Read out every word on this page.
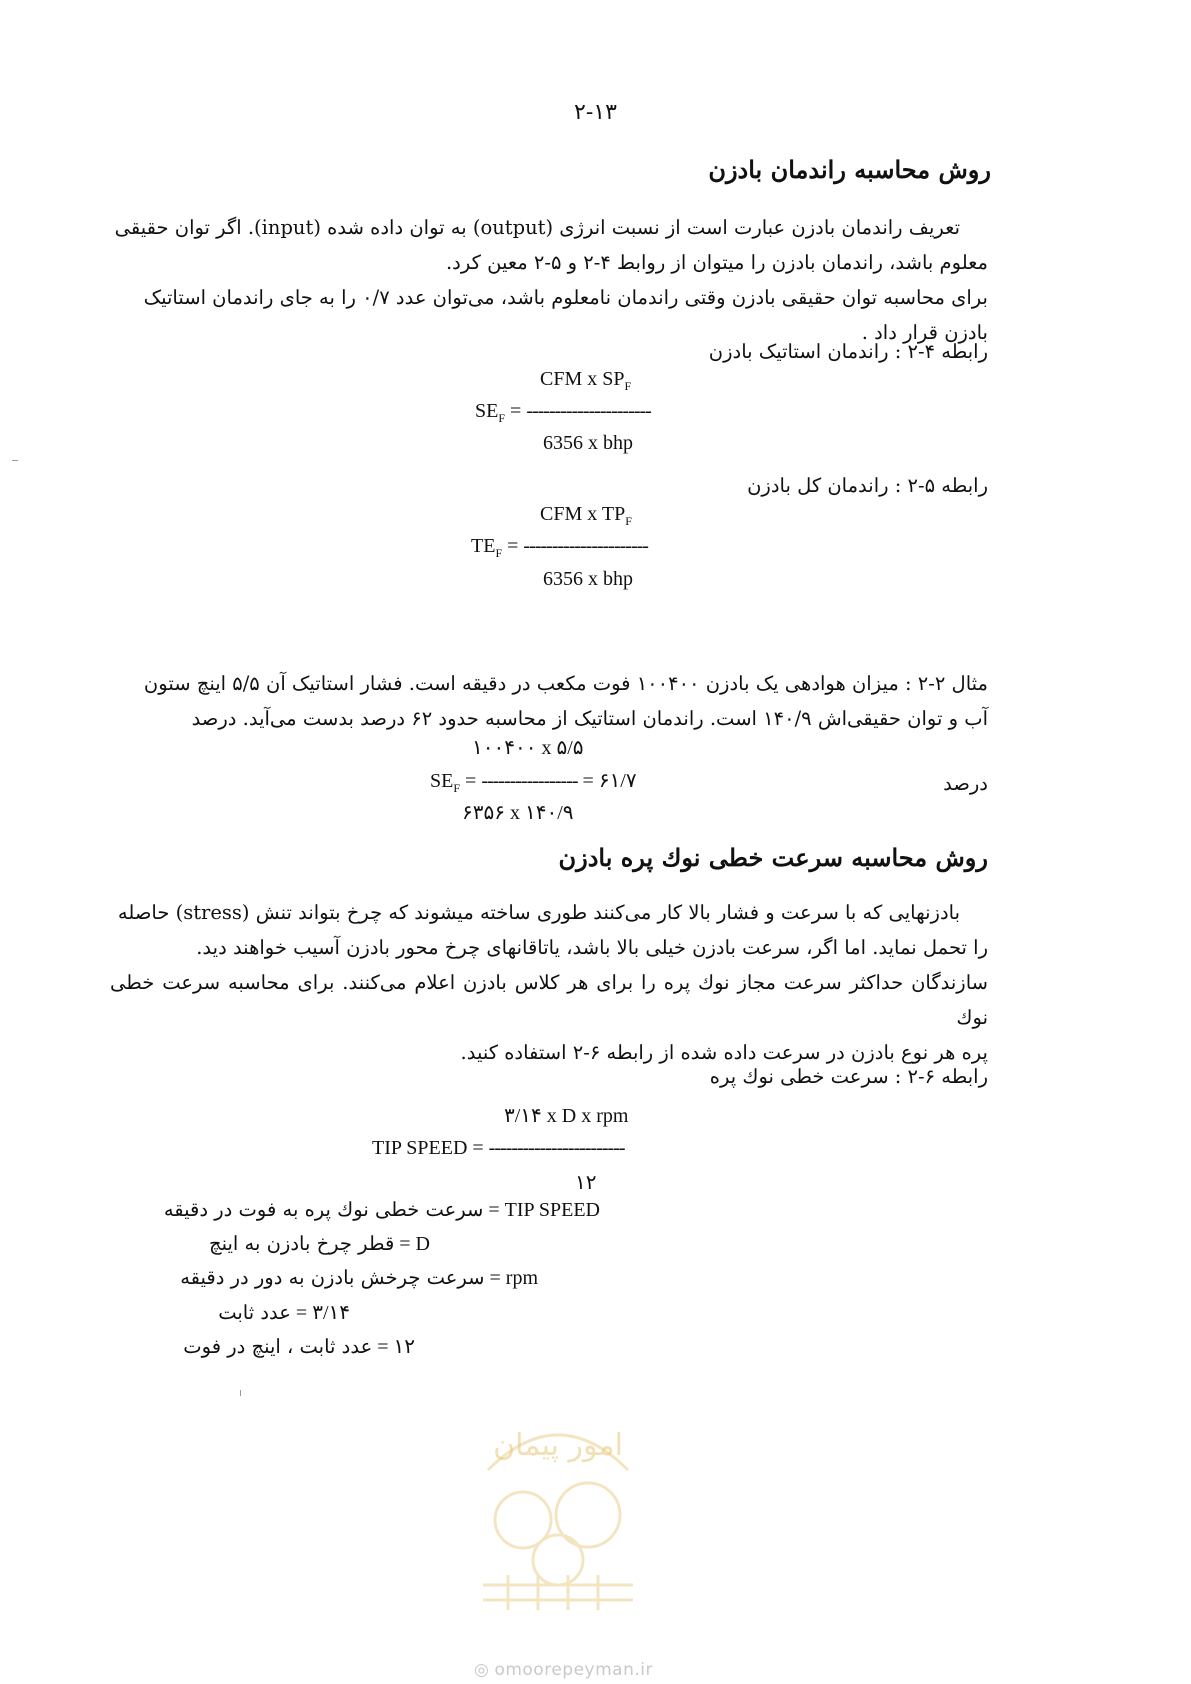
۲-۱۳
روش محاسبه راندمان بادزن

تعریف راندمان بادزن عبارت است از نسبت انرژی (output) به توان داده شده (input). اگر توان حقیقی

معلوم باشد، راندمان بادزن را میتوان از روابط ۴-۲ و ۵-۲ معین کرد.

برای محاسبه توان حقیقی بادزن وقتی راندمان نامعلوم باشد، می‌توان عدد ۰/۷ را به جای راندمان استاتیک

بادزن قرار داد .

رابطه ۴-۲ : راندمان استاتیک بادزن
CFM x $SP_F$
$SE_F$ = ----------------------
6356 x bhp
رابطه ۵-۲ : راندمان کل بادزن
CFM x $TP_F$
$TE_F$ = ----------------------
6356 x bhp

مثال ۲-۲ : میزان هوادهی یک بادزن ۱۰۰۴۰۰ فوت مکعب در دقیقه است. فشار استاتیک آن ۵/۵ اینچ ستون

آب و توان حقیقی‌اش ۱۴۰/۹ است. راندمان استاتیک از محاسبه حدود ۶۲ درصد بدست می‌آید. درصد

۱۰۰۴۰۰ x ۵/۵
$SE_F$ = ----------------- = ۶۱/۷
۶۳۵۶ x ۱۴۰/۹
درصد
روش محاسبه سرعت خطی نوك پره بادزن

بادزنهایی که با سرعت و فشار بالا کار می‌کنند طوری ساخته میشوند که چرخ بتواند تنش (stress) حاصله

را تحمل نماید. اما اگر، سرعت بادزن خیلی بالا باشد، یاتاقانهای چرخ محور بادزن آسیب خواهند دید.

سازندگان حداکثر سرعت مجاز نوك پره را برای هر کلاس بادزن اعلام می‌کنند. برای محاسبه سرعت خطی نوك

پره هر نوع بادزن در سرعت داده شده از رابطه ۶-۲ استفاده کنید.

رابطه ۶-۲ : سرعت خطی نوك پره
۳/۱۴ x D x rpm
TIP SPEED = ------------------------
۱۲
سرعت خطی نوك پره به فوت در دقیقه = TIP SPEED
قطر چرخ بادزن به اینچ = D
سرعت چرخش بادزن به دور در دقیقه = rpm
عدد ثابت = ۳/۱۴
عدد ثابت ، اینچ در فوت = ۱۲
امور پیمان
◎ omoorepeyman.ir
